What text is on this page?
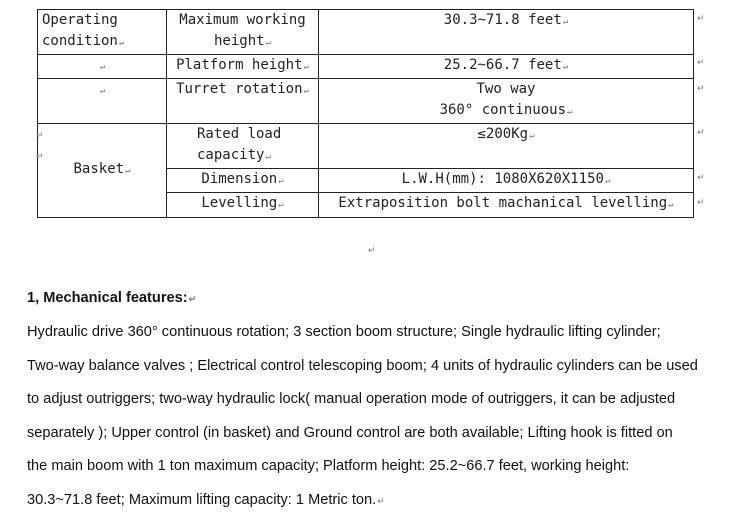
Operating condition↵	Maximum working height↵	30.3~71.8 feet↵
↵	Platform height↵	25.2~66.7 feet↵
↵	Turret rotation↵	Two way
360° continuous↵

Basket↵	Rated load capacity↵	≤200Kg↵
	Dimension↵	L.W.H(mm): 1080X620X1150↵
	Levelling↵	Extraposition bolt machanical levelling↵
↵
↵
↵
↵
↵
↵
↵
↵
↵
1, Mechanical features:↵
Hydraulic drive 360° continuous rotation; 3 section boom structure; Single hydraulic lifting cylinder;
Two-way balance valves ; Electrical control telescoping boom; 4 units of hydraulic cylinders can be used
to adjust outriggers; two-way hydraulic lock( manual operation mode of outriggers, it can be adjusted
separately ); Upper control (in basket) and Ground control are both available; Lifting hook is fitted on
the main boom with 1 ton maximum capacity; Platform height: 25.2~66.7 feet, working height:
30.3~71.8 feet; Maximum lifting capacity: 1 Metric ton.↵
